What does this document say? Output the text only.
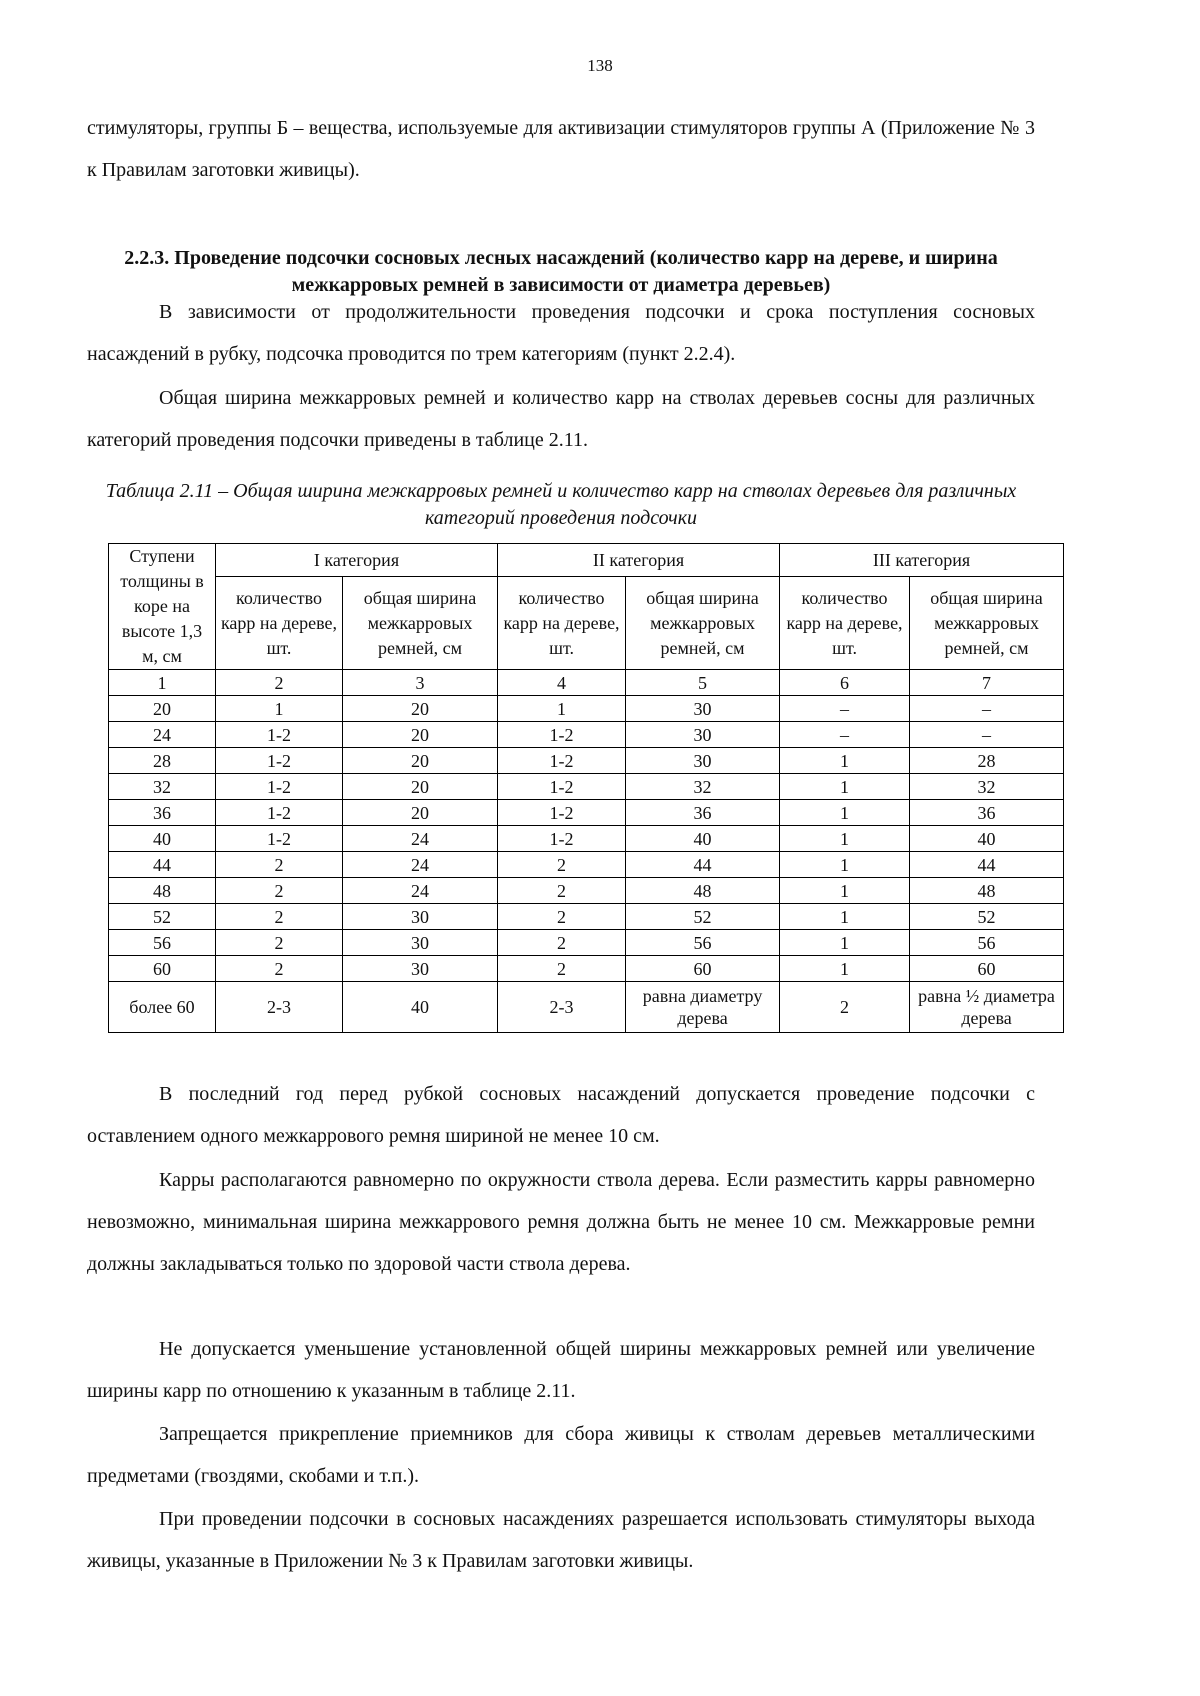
138

стимуляторы, группы Б – вещества, используемые для активизации стимуляторов группы А (Приложение № 3 к Правилам заготовки живицы).

2.2.3. Проведение подсочки сосновых лесных насаждений (количество карр на дереве, и ширина межкарровых ремней в зависимости от диаметра деревьев)

В зависимости от продолжительности проведения подсочки и срока поступления сосновых насаждений в рубку, подсочка проводится по трем категориям (пункт 2.2.4).

Общая ширина межкарровых ремней и количество карр на стволах деревьев сосны для различных категорий проведения подсочки приведены в таблице 2.11.

Таблица 2.11 – Общая ширина межкарровых ремней и количество карр на стволах деревьев для различных категорий проведения подсочки

Ступени толщины в коре на высоте 1,3 м, см	I категория		II категория		III категория	
	количество карр на дереве, шт.	общая ширина межкарровых ремней, см	количество карр на дереве, шт.	общая ширина межкарровых ремней, см	количество карр на дереве, шт.	общая ширина межкарровых ремней, см
1	2	3	4	5	6	7
20	1	20	1	30	–	–
24	1-2	20	1-2	30	–	–
28	1-2	20	1-2	30	1	28
32	1-2	20	1-2	32	1	32
36	1-2	20	1-2	36	1	36
40	1-2	24	1-2	40	1	40
44	2	24	2	44	1	44
48	2	24	2	48	1	48
52	2	30	2	52	1	52
56	2	30	2	56	1	56
60	2	30	2	60	1	60
более 60	2-3	40	2-3	равна диаметру дерева	2	равна ½ диаметра дерева

В последний год перед рубкой сосновых насаждений допускается проведение подсочки с оставлением одного межкаррового ремня шириной не менее 10 см.

Карры располагаются равномерно по окружности ствола дерева. Если разместить карры равномерно невозможно, минимальная ширина межкаррового ремня должна быть не менее 10 см. Межкарровые ремни должны закладываться только по здоровой части ствола дерева.

Не допускается уменьшение установленной общей ширины межкарровых ремней или увеличение ширины карр по отношению к указанным в таблице 2.11.

Запрещается прикрепление приемников для сбора живицы к стволам деревьев металлическими предметами (гвоздями, скобами и т.п.).

При проведении подсочки в сосновых насаждениях разрешается использовать стимуляторы выхода живицы, указанные в Приложении № 3 к Правилам заготовки живицы.
